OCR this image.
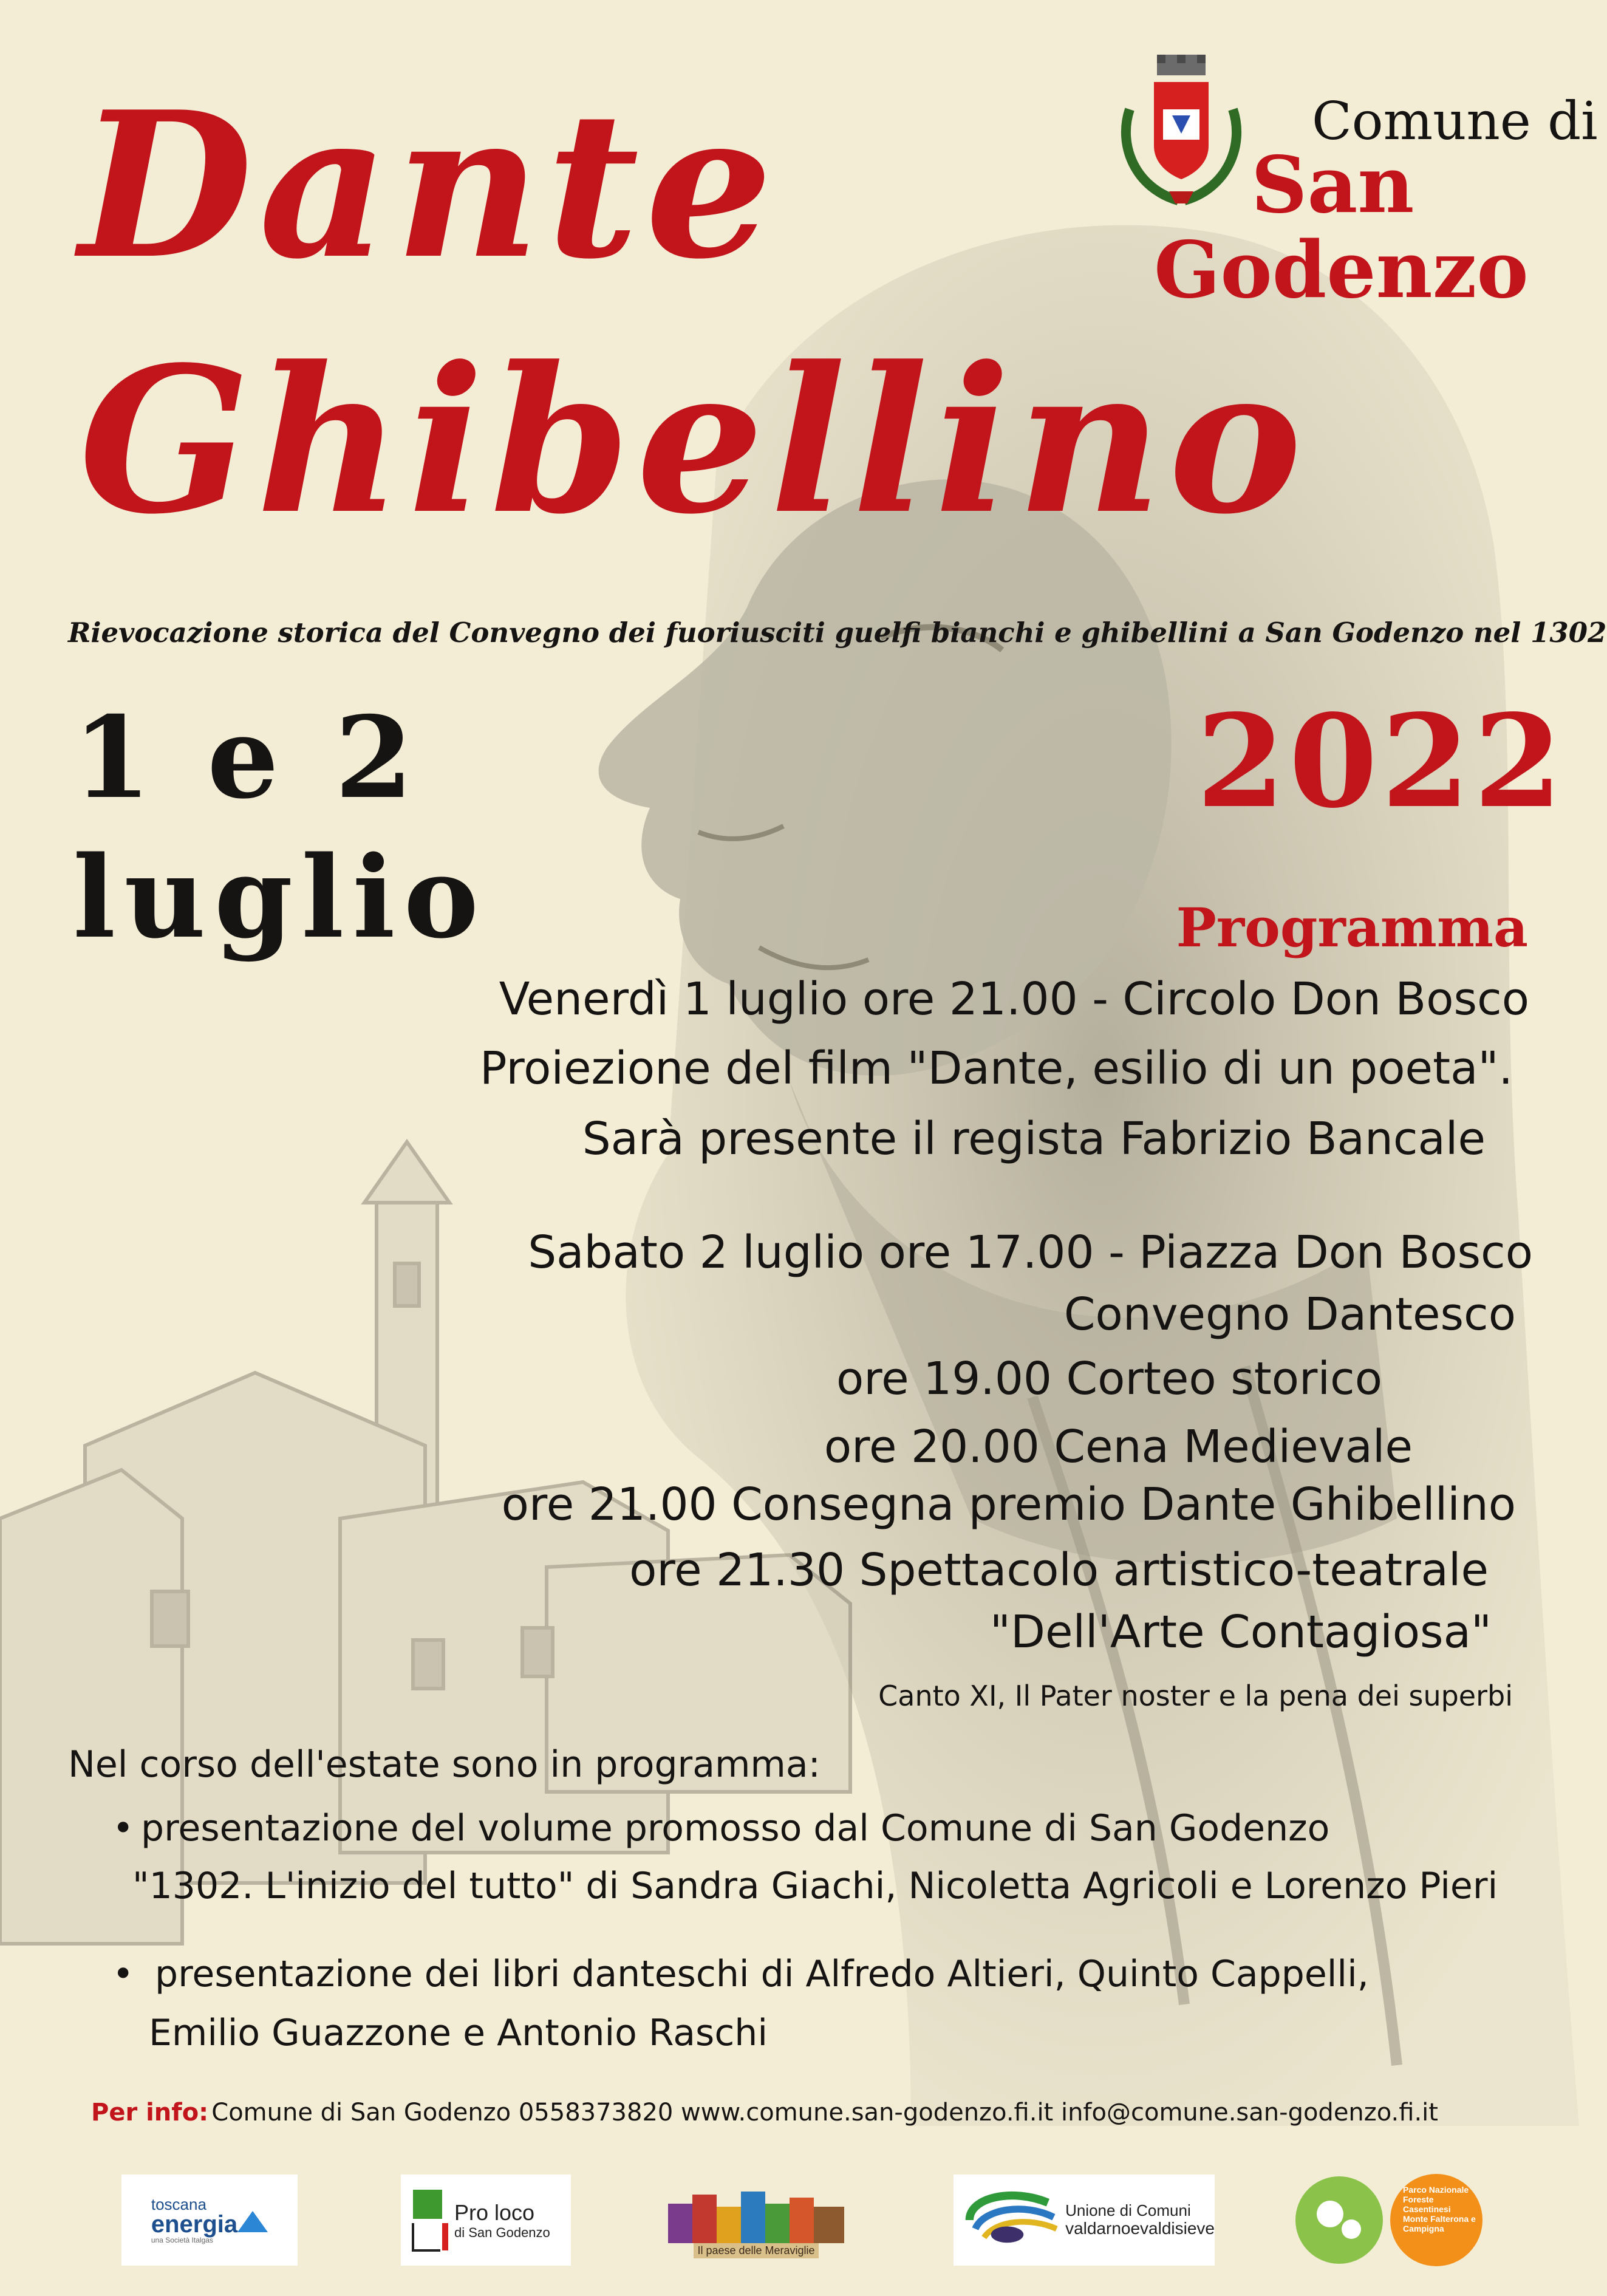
Dante
Ghibellino
Comune di
San
Godenzo
Rievocazione storica del Convegno dei fuoriusciti guelfi bianchi e ghibellini a San Godenzo nel 1302
1 e 2
luglio
2022
Programma
Venerdì 1 luglio ore 21.00 - Circolo Don Bosco
Proiezione del film "Dante, esilio di un poeta".
Sarà presente il regista Fabrizio Bancale
Sabato 2 luglio ore 17.00 - Piazza Don Bosco
Convegno Dantesco
ore 19.00 Corteo storico
ore 20.00 Cena Medievale
ore 21.00 Consegna premio Dante Ghibellino
ore 21.30 Spettacolo artistico-teatrale
"Dell'Arte Contagiosa"
Canto XI, Il Pater noster e la pena dei superbi
Nel corso dell'estate sono in programma:
• presentazione del volume promosso dal Comune di San Godenzo
"1302. L'inizio del tutto" di Sandra Giachi, Nicoletta Agricoli e Lorenzo Pieri
• presentazione dei libri danteschi di Alfredo Altieri, Quinto Cappelli,
Emilio Guazzone e Antonio Raschi
Per info: Comune di San Godenzo 0558373820 www.comune.san-godenzo.fi.it info@comune.san-godenzo.fi.it
toscana
energia
una Società Italgas
Pro loco
di San Godenzo
Il paese delle Meraviglie
Unione di Comuni
valdarnoevaldisieve
Parco Nazionale Foreste Casentinesi Monte Falterona e Campigna
